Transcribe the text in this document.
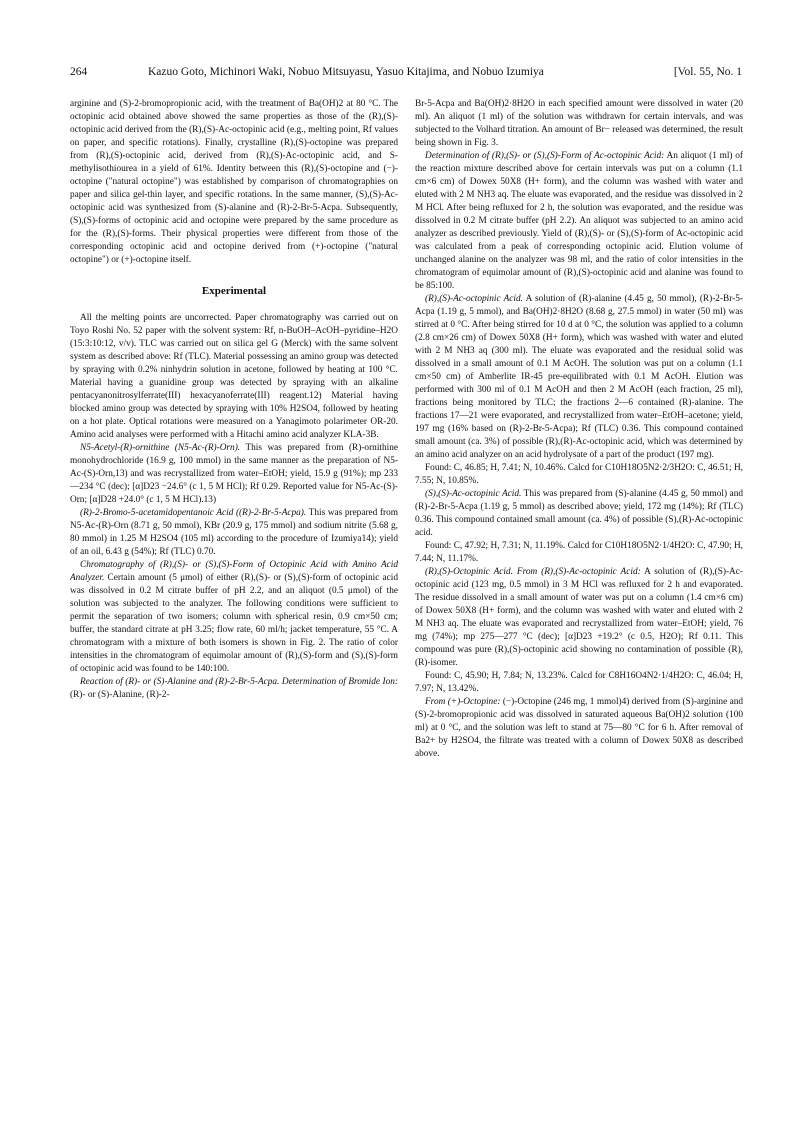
264	Kazuo Goto, Michinori Waki, Nobuo Mitsuyasu, Yasuo Kitajima, and Nobuo Izumiya	[Vol. 55, No. 1

arginine and (S)-2-bromopropionic acid, with the treatment of Ba(OH)2 at 80 °C. The octopinic acid obtained above showed the same properties as those of the (R),(S)-octopinic acid derived from the (R),(S)-Ac-octopinic acid (e.g., melting point, Rf values on paper, and specific rotations). Finally, crystalline (R),(S)-octopine was prepared from (R),(S)-octopinic acid, derived from (R),(S)-Ac-octopinic acid, and S-methylisothiourea in a yield of 61%. Identity between this (R),(S)-octopine and (−)-octopine ("natural octopine") was established by comparison of chromatographies on paper and silica gel-thin layer, and specific rotations. In the same manner, (S),(S)-Ac-octopinic acid was synthesized from (S)-alanine and (R)-2-Br-5-Acpa. Subsequently, (S),(S)-forms of octopinic acid and octopine were prepared by the same procedure as for the (R),(S)-forms. Their physical properties were different from those of the corresponding octopinic acid and octopine derived from (+)-octopine ("natural octopine") or (+)-octopine itself.

Experimental

All the melting points are uncorrected. Paper chromatography was carried out on Toyo Roshi No. 52 paper with the solvent system: Rf, n-BuOH–AcOH–pyridine–H2O (15:3:10:12, v/v). TLC was carried out on silica gel G (Merck) with the same solvent system as described above: Rf (TLC). Material possessing an amino group was detected by spraying with 0.2% ninhydrin solution in acetone, followed by heating at 100 °C. Material having a guanidine group was detected by spraying with an alkaline pentacyanonitrosylferrate(III) hexacyanoferrate(III) reagent.12) Material having blocked amino group was detected by spraying with 10% H2SO4, followed by heating on a hot plate. Optical rotations were measured on a Yanagimoto polarimeter OR-20. Amino acid analyses were performed with a Hitachi amino acid analyzer KLA-3B.

N5-Acetyl-(R)-ornithine (N5-Ac-(R)-Orn). This was prepared from (R)-ornithine monohydrochloride (16.9 g, 100 mmol) in the same manner as the preparation of N5-Ac-(S)-Orn,13) and was recrystallized from water–EtOH; yield, 15.9 g (91%); mp 233—234 °C (dec); [α]D23 −24.6° (c 1, 5 M HCl); Rf 0.29. Reported value for N5-Ac-(S)-Orn; [α]D28 +24.0° (c 1, 5 M HCl).13)

(R)-2-Bromo-5-acetamidopentanoic Acid ((R)-2-Br-5-Acpa). This was prepared from N5-Ac-(R)-Orn (8.71 g, 50 mmol), KBr (20.9 g, 175 mmol) and sodium nitrite (5.68 g, 80 mmol) in 1.25 M H2SO4 (105 ml) according to the procedure of Izumiya14); yield of an oil, 6.43 g (54%); Rf (TLC) 0.70.

Chromatography of (R),(S)- or (S),(S)-Form of Octopinic Acid with Amino Acid Analyzer. Certain amount (5 μmol) of either (R),(S)- or (S),(S)-form of octopinic acid was dissolved in 0.2 M citrate buffer of pH 2.2, and an aliquot (0.5 μmol) of the solution was subjected to the analyzer. The following conditions were sufficient to permit the separation of two isomers; column with spherical resin, 0.9 cm×50 cm; buffer, the standard citrate at pH 3.25; flow rate, 60 ml/h; jacket temperature, 55 °C. A chromatogram with a mixture of both isomers is shown in Fig. 2. The ratio of color intensities in the chromatogram of equimolar amount of (R),(S)-form and (S),(S)-form of octopinic acid was found to be 140:100.

Reaction of (R)- or (S)-Alanine and (R)-2-Br-5-Acpa. Determination of Bromide Ion: (R)- or (S)-Alanine, (R)-2-

Br-5-Acpa and Ba(OH)2·8H2O in each specified amount were dissolved in water (20 ml). An aliquot (1 ml) of the solution was withdrawn for certain intervals, and was subjected to the Volhard titration. An amount of Br− released was determined, the result being shown in Fig. 3.

Determination of (R),(S)- or (S),(S)-Form of Ac-octopinic Acid: An aliquot (1 ml) of the reaction mixture described above for certain intervals was put on a column (1.1 cm×6 cm) of Dowex 50X8 (H+ form), and the column was washed with water and eluted with 2 M NH3 aq. The eluate was evaporated, and the residue was dissolved in 2 M HCl. After being refluxed for 2 h, the solution was evaporated, and the residue was dissolved in 0.2 M citrate buffer (pH 2.2). An aliquot was subjected to an amino acid analyzer as described previously. Yield of (R),(S)- or (S),(S)-form of Ac-octopinic acid was calculated from a peak of corresponding octopinic acid. Elution volume of unchanged alanine on the analyzer was 98 ml, and the ratio of color intensities in the chromatogram of equimolar amount of (R),(S)-octopinic acid and alanine was found to be 85:100.

(R),(S)-Ac-octopinic Acid. A solution of (R)-alanine (4.45 g, 50 mmol), (R)-2-Br-5-Acpa (1.19 g, 5 mmol), and Ba(OH)2·8H2O (8.68 g, 27.5 mmol) in water (50 ml) was stirred at 0 °C. After being stirred for 10 d at 0 °C, the solution was applied to a column (2.8 cm×26 cm) of Dowex 50X8 (H+ form), which was washed with water and eluted with 2 M NH3 aq (300 ml). The eluate was evaporated and the residual solid was dissolved in a small amount of 0.1 M AcOH. The solution was put on a column (1.1 cm×50 cm) of Amberlite IR-45 pre-equilibrated with 0.1 M AcOH. Elution was performed with 300 ml of 0.1 M AcOH and then 2 M AcOH (each fraction, 25 ml), fractions being monitored by TLC; the fractions 2—6 contained (R)-alanine. The fractions 17—21 were evaporated, and recrystallized from water–EtOH–acetone; yield, 197 mg (16% based on (R)-2-Br-5-Acpa); Rf (TLC) 0.36. This compound contained small amount (ca. 3%) of possible (R),(R)-Ac-octopinic acid, which was determined by an amino acid analyzer on an acid hydrolysate of a part of the product (197 mg).

Found: C, 46.85; H, 7.41; N, 10.46%. Calcd for C10H18O5N2·2/3H2O: C, 46.51; H, 7.55; N, 10.85%.

(S),(S)-Ac-octopinic Acid. This was prepared from (S)-alanine (4.45 g, 50 mmol) and (R)-2-Br-5-Acpa (1.19 g, 5 mmol) as described above; yield, 172 mg (14%); Rf (TLC) 0.36. This compound contained small amount (ca. 4%) of possible (S),(R)-Ac-octopinic acid.

Found: C, 47.92; H, 7.31; N, 11.19%. Calcd for C10H18O5N2·1/4H2O: C, 47.90; H, 7.44; N, 11.17%.

(R),(S)-Octopinic Acid. From (R),(S)-Ac-octopinic Acid: A solution of (R),(S)-Ac-octopinic acid (123 mg, 0.5 mmol) in 3 M HCl was refluxed for 2 h and evaporated. The residue dissolved in a small amount of water was put on a column (1.4 cm×6 cm) of Dowex 50X8 (H+ form), and the column was washed with water and eluted with 2 M NH3 aq. The eluate was evaporated and recrystallized from water–EtOH; yield, 76 mg (74%); mp 275—277 °C (dec); [α]D23 +19.2° (c 0.5, H2O); Rf 0.11. This compound was pure (R),(S)-octopinic acid showing no contamination of possible (R),(R)-isomer.

Found: C, 45.90; H, 7.84; N, 13.23%. Calcd for C8H16O4N2·1/4H2O: C, 46.04; H, 7.97; N, 13.42%.

From (+)-Octopine: (−)-Octopine (246 mg, 1 mmol)4) derived from (S)-arginine and (S)-2-bromopropionic acid was dissolved in saturated aqueous Ba(OH)2 solution (100 ml) at 0 °C, and the solution was left to stand at 75—80 °C for 6 h. After removal of Ba2+ by H2SO4, the filtrate was treated with a column of Dowex 50X8 as described above.
